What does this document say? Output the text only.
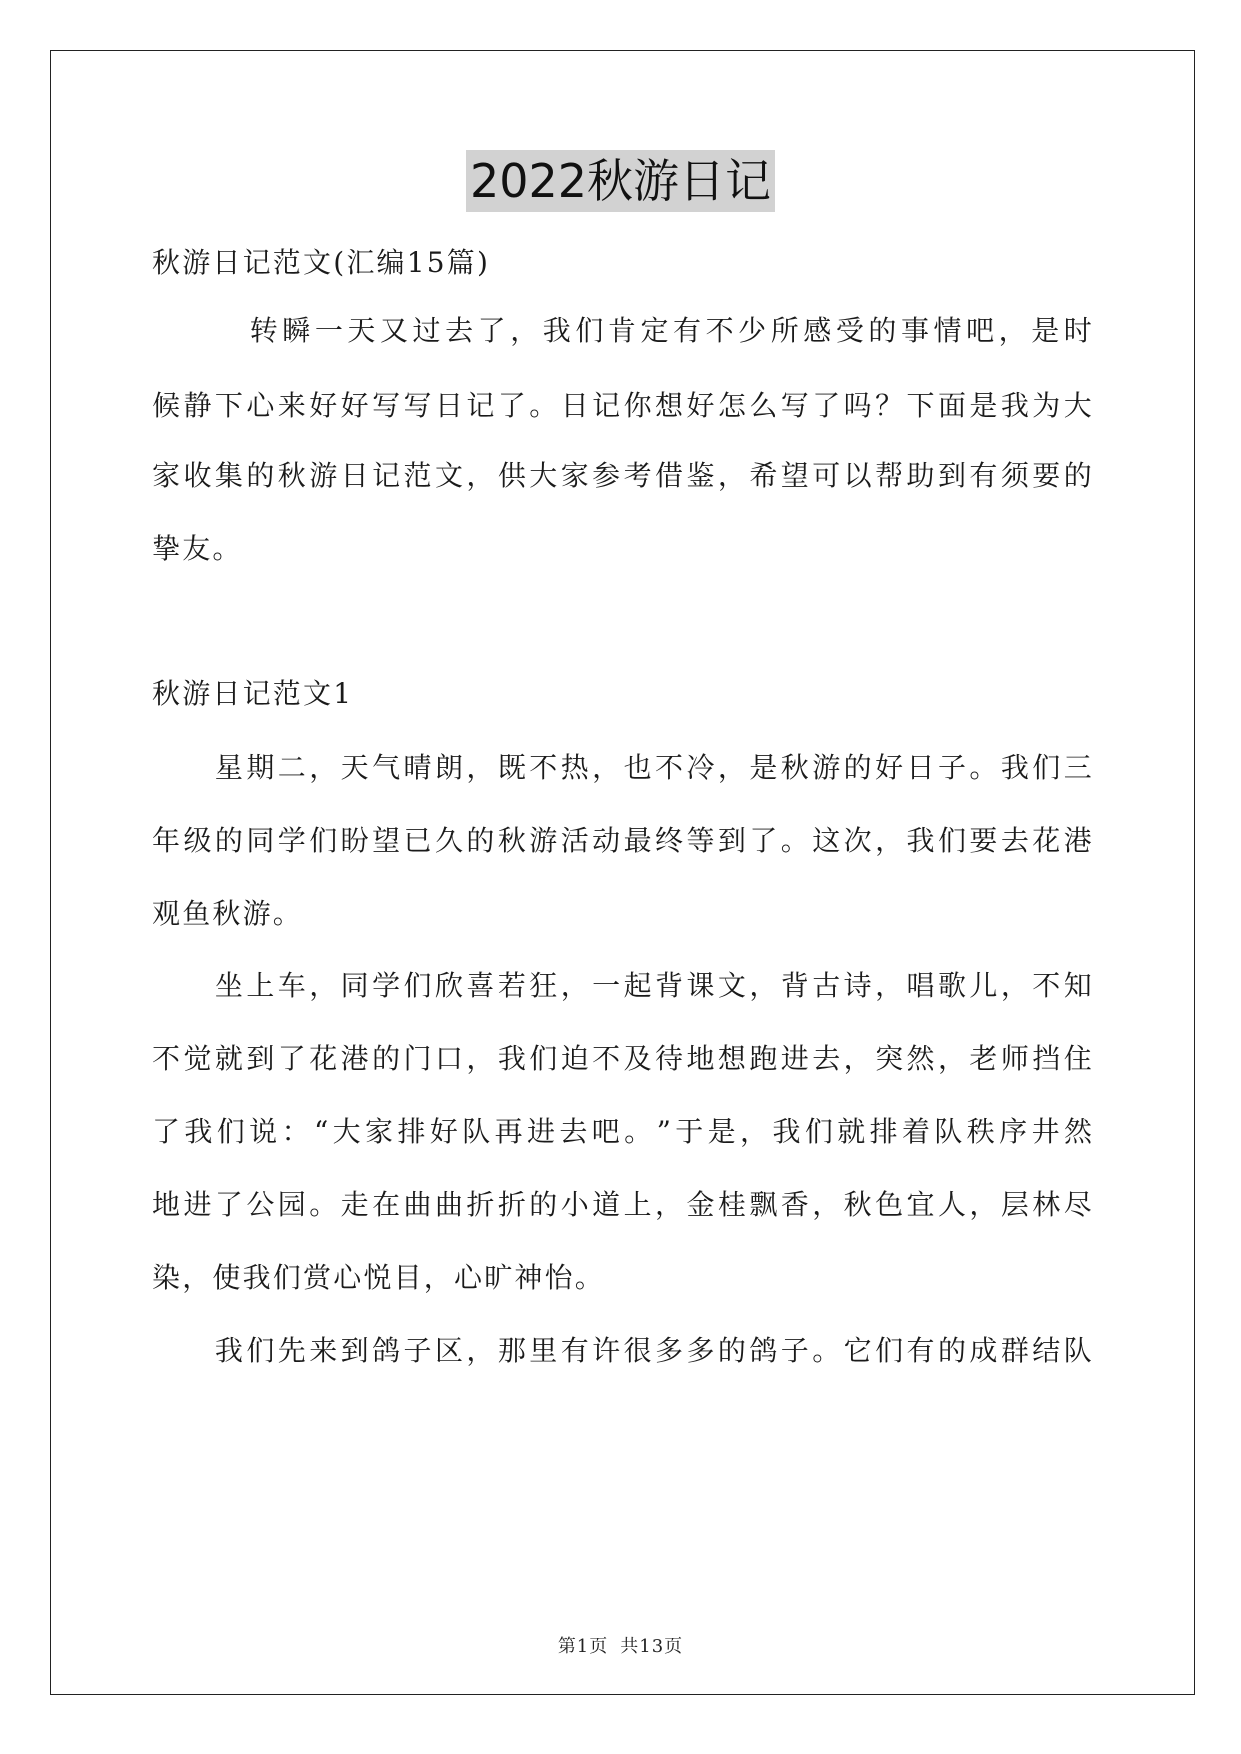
2022秋游日记
秋游日记范文(汇编15篇)

转 瞬 一 天 又 过 去 了 ， 我 们 肯 定 有 不 少 所 感 受 的 事 情 吧 ， 是 时
候 静 下 心 来 好 好 写 写 日 记 了 。 日 记 你 想 好 怎 么 写 了 吗 ？ 下 面 是 我 为 大
家 收 集 的 秋 游 日 记 范 文 ， 供 大 家 参 考 借 鉴 ， 希 望 可 以 帮 助 到 有 须 要 的
挚友。
秋游日记范文1

星 期 二 ， 天 气 晴 朗 ， 既 不 热 ， 也 不 冷 ， 是 秋 游 的 好 日 子 。 我 们 三
年 级 的 同 学 们 盼 望 已 久 的 秋 游 活 动 最 终 等 到 了 。 这 次 ， 我 们 要 去 花 港
观鱼秋游。

坐 上 车 ， 同 学 们 欣 喜 若 狂 ， 一 起 背 课 文 ， 背 古 诗 ， 唱 歌 儿 ， 不 知
不 觉 就 到 了 花 港 的 门 口 ， 我 们 迫 不 及 待 地 想 跑 进 去 ， 突 然 ， 老 师 挡 住
了 我 们 说 ： “ 大 家 排 好 队 再 进 去 吧 。 ” 于 是 ， 我 们 就 排 着 队 秩 序 井 然
地 进 了 公 园 。 走 在 曲 曲 折 折 的 小 道 上 ， 金 桂 飘 香 ， 秋 色 宜 人 ， 层 林 尽
染，使我们赏心悦目，心旷神怡。

我 们 先 来 到 鸽 子 区 ， 那 里 有 许 很 多 多 的 鸽 子 。 它 们 有 的 成 群 结 队
第1页 共13页
